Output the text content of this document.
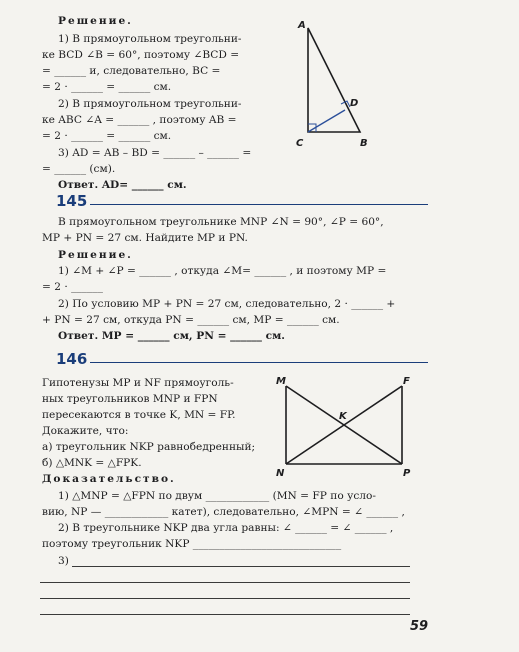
Решение.
1) В прямоугольном треугольни-
ке BCD ∠B = 60°, поэтому ∠BCD =
= ______ и, следовательно, BC =
= 2 · ______ = ______ см.
2) В прямоугольном треугольни-
ке ABC ∠A = ______ , поэтому AB =
= 2 · ______ = ______ см.
3) AD = AB – BD = ______ – ______ =
= ______ (см).
Ответ. AD= ______ см.
A
C	B
D
145
В прямоугольном треугольнике MNP ∠N = 90°, ∠P = 60°,
MP + PN = 27 см. Найдите MP и PN.
Решение.
1) ∠M + ∠P = ______ , откуда ∠M= ______ , и поэтому MP =
= 2 · ______
2) По условию MP + PN = 27 см, следовательно, 2 · ______ +
+ PN = 27 см, откуда PN = ______ см, MP = ______ см.
Ответ. MP = ______ см, PN = ______ см.
146
Гипотенузы MP и NF прямоуголь-
ных треугольников MNP и FPN
пересекаются в точке K, MN = FP.
Докажите, что:
а) треугольник NKP равнобедренный;
б) △MNK = △FPK.
Доказательство.
1) △MNP = △FPN по двум ____________ (MN = FP по усло-
вию, NP — ____________ катет), следовательно, ∠MPN = ∠ ______ ,
2) В треугольнике NKP два угла равны: ∠ ______ = ∠ ______ ,
поэтому треугольник NKP ____________________________
3)
M	F
K
N	P
59
